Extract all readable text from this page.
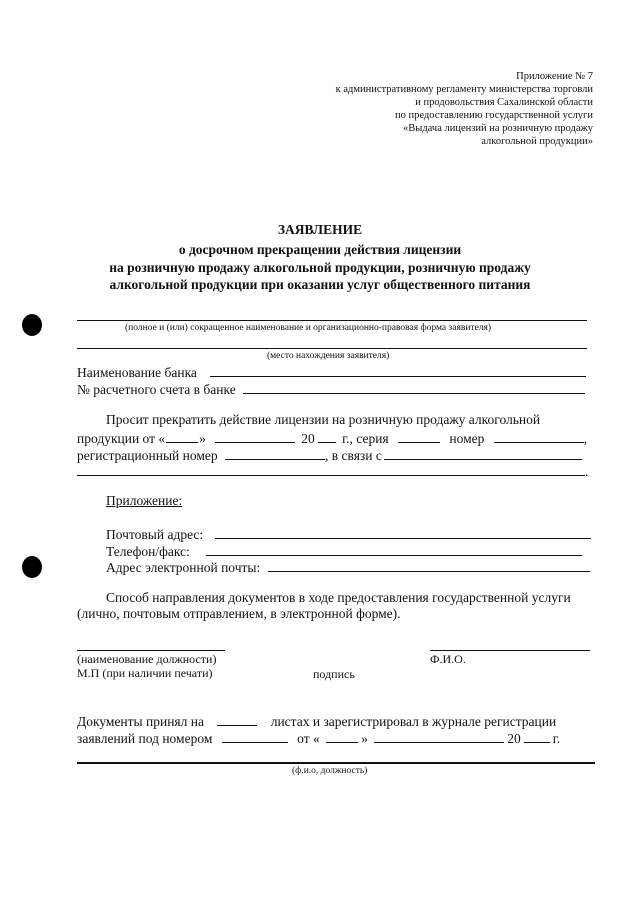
Приложение № 7
к административному регламенту министерства торговли
и продовольствия Сахалинской области
по предоставлению государственной услуги
«Выдача лицензий на розничную продажу
алкогольной продукции»
ЗАЯВЛЕНИЕ
о досрочном прекращении действия лицензии
на розничную продажу алкогольной продукции, розничную продажу
алкогольной продукции при оказании услуг общественного питания
(полное и (или) сокращенное наименование и организационно-правовая форма заявителя)
(место нахождения заявителя)
Наименование банка
№ расчетного счета в банке
Просит прекратить действие лицензии на розничную продажу алкогольной
продукции от «	»	20 г., серия	номер	,
регистрационный номер	, в связи с
.
Приложение:
Почтовый адрес:
Телефон/факс:
Адрес электронной почты:
Способ направления документов в ходе предоставления государственной услуги
(лично, почтовым отправлением, в электронной форме).
(наименование должности)	Ф.И.О.
М.П (при наличии печати)	подпись
Документы принял на	листах и зарегистрировал в журнале регистрации
заявлений под номером	от «	»	20 г.
(ф.и.о, должность)
